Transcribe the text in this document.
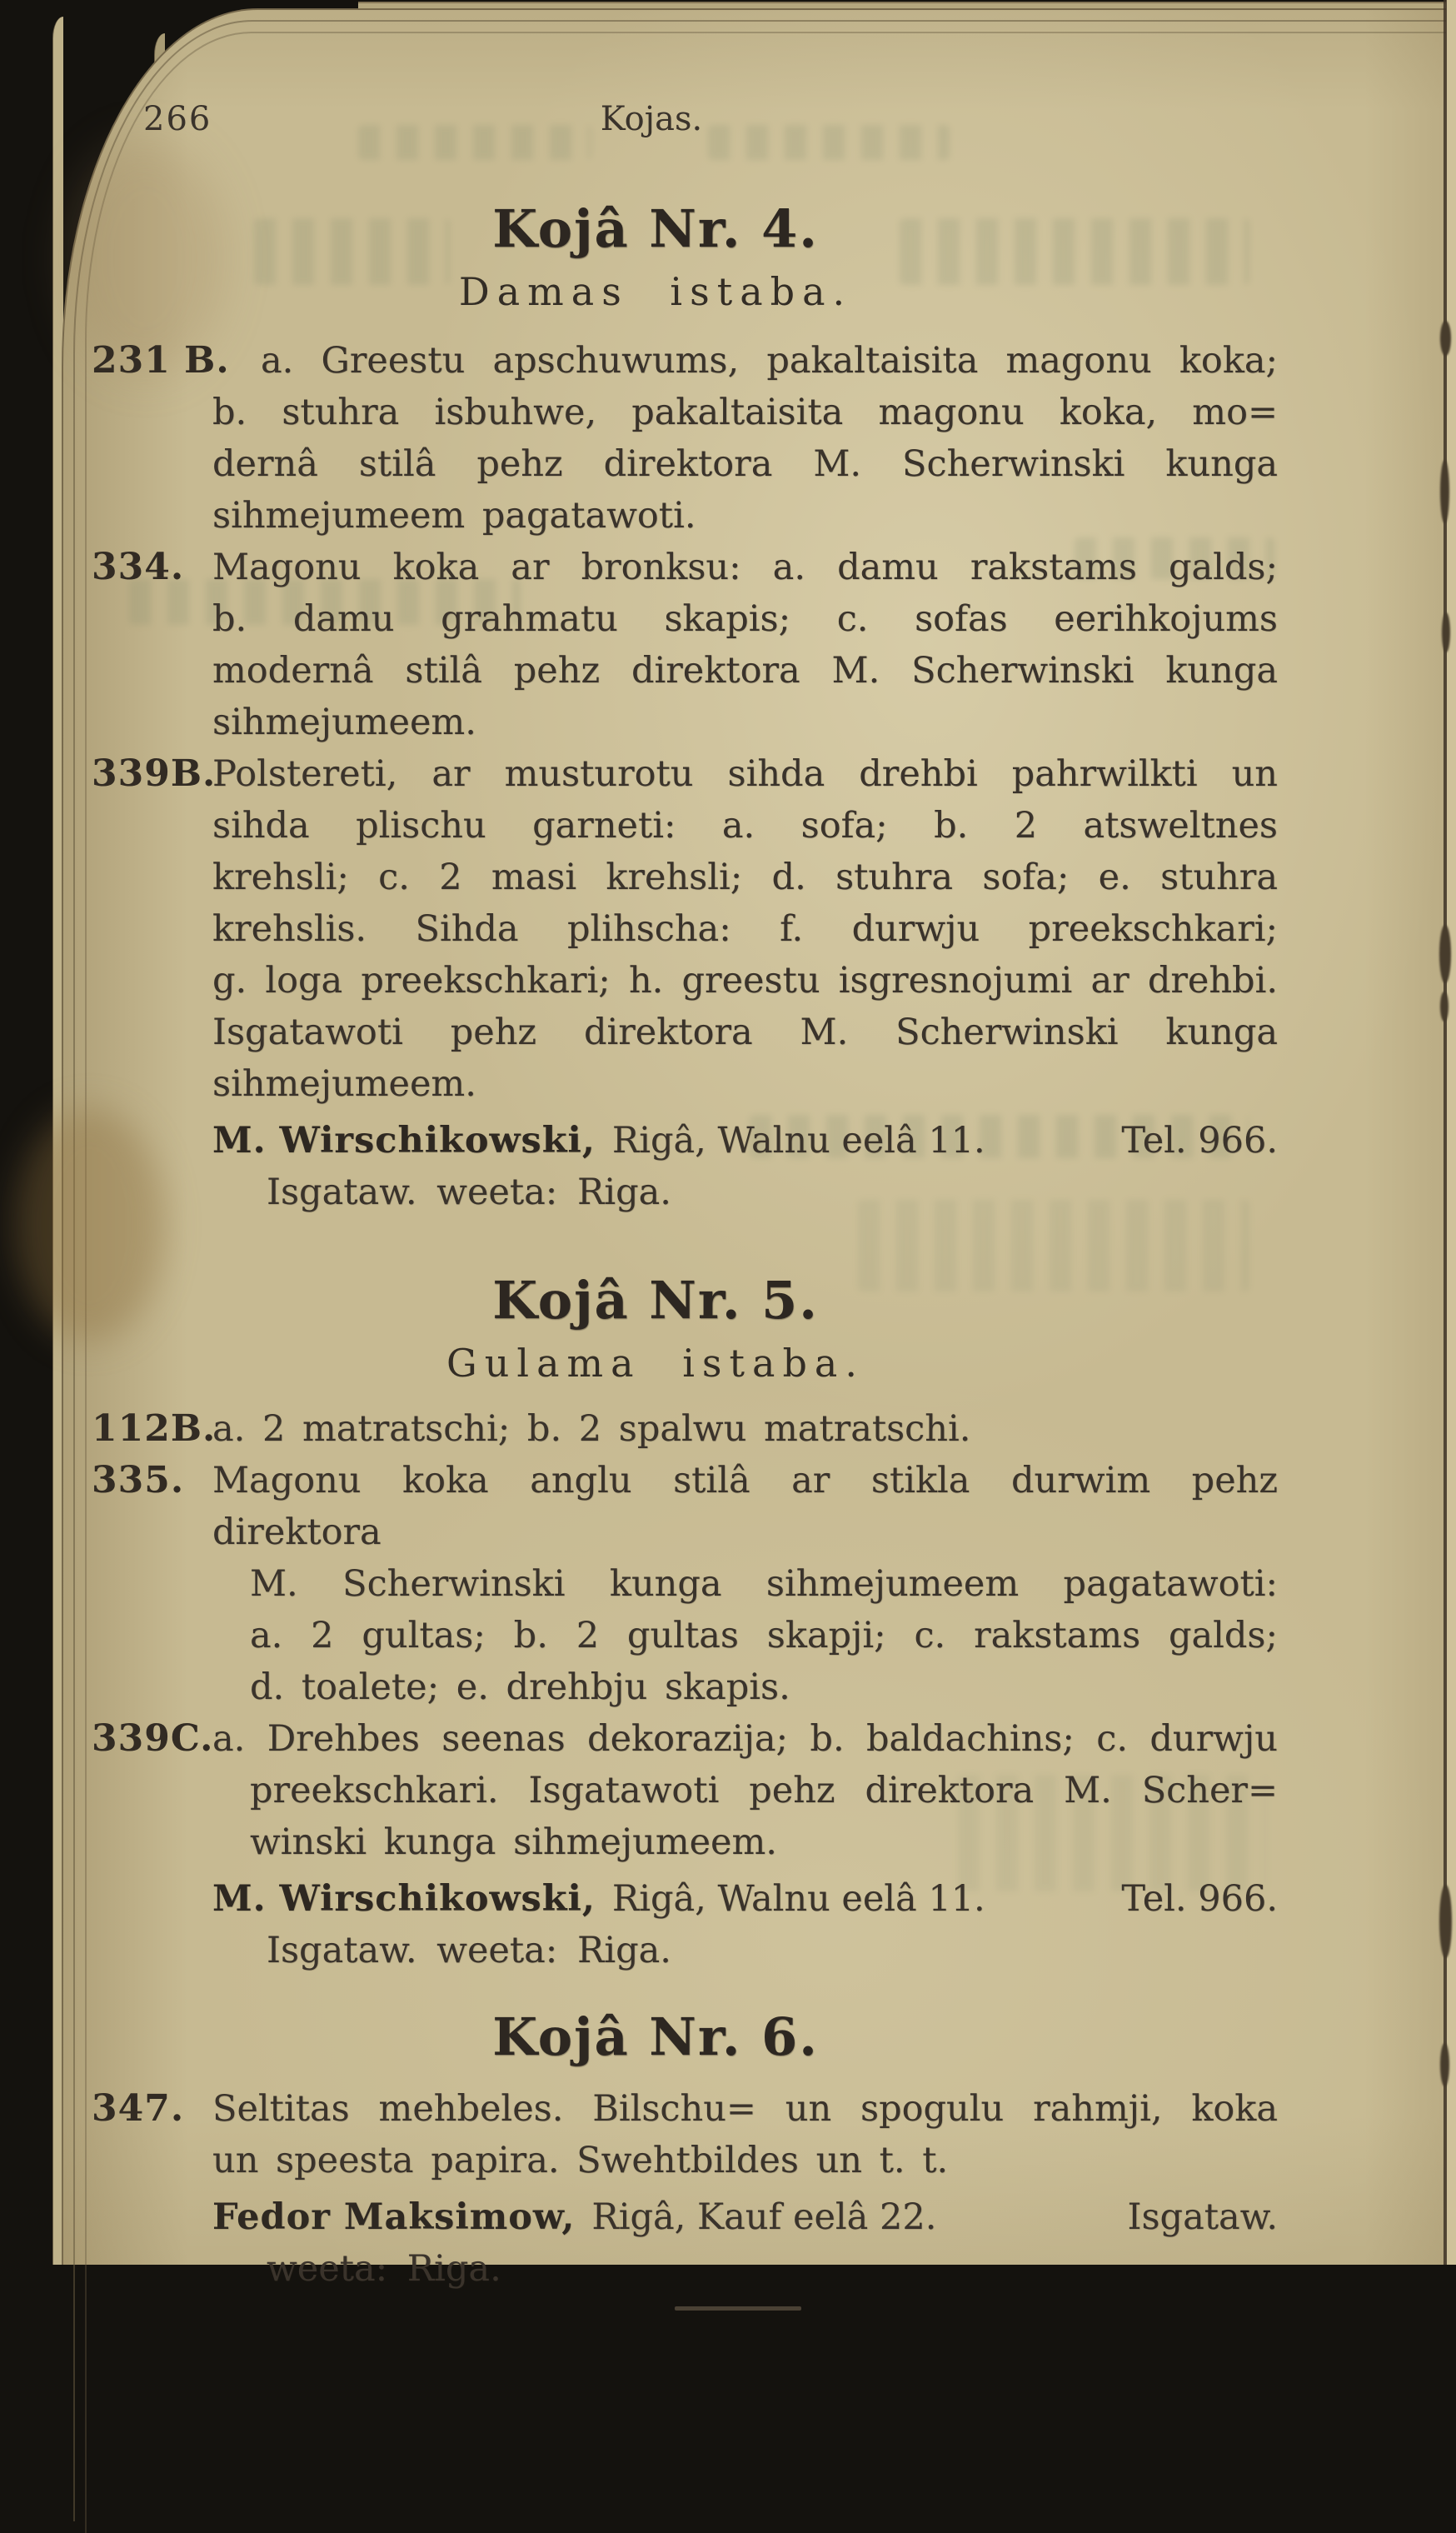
266	Kojas.
Kojâ Nr. 4.
Damas istaba.
231 B. a. Greestu apschuwums, pakaltaisita magonu koka;
b. stuhra isbuhwe, pakaltaisita magonu koka, mo=
dernâ stilâ pehz direktora M. Scherwinski kunga
sihmejumeem pagatawoti.
334. Magonu koka ar bronksu: a. damu rakstams galds;
b. damu grahmatu skapis; c. sofas eerihkojums
modernâ stilâ pehz direktora M. Scherwinski kunga
sihmejumeem.
339B.
Polstereti, ar musturotu sihda drehbi pahrwilkti un
sihda plischu garneti: a. sofa; b. 2 atsweltnes
krehsli; c. 2 masi krehsli; d. stuhra sofa; e. stuhra
krehslis. Sihda plihscha: f. durwju preekschkari;
g. loga preekschkari; h. greestu isgresnojumi ar drehbi.
Isgatawoti pehz direktora M. Scherwinski kunga
sihmejumeem.
M. Wirschikowski, Rigâ, Walnu eelâ 11.	Tel. 966.
Isgataw. weeta: Riga.
Kojâ Nr. 5.
Gulama istaba.
112B.
a. 2 matratschi; b. 2 spalwu matratschi.
335. Magonu koka anglu stilâ ar stikla durwim pehz direktora
M. Scherwinski kunga sihmejumeem pagatawoti:
a. 2 gultas; b. 2 gultas skapji; c. rakstams galds;
d. toalete; e. drehbju skapis.
339C.
a. Drehbes seenas dekorazija; b. baldachins; c. durwju
preekschkari. Isgatawoti pehz direktora M. Scher=
winski kunga sihmejumeem.
M. Wirschikowski, Rigâ, Walnu eelâ 11.	Tel. 966.
Isgataw. weeta: Riga.
Kojâ Nr. 6.
347. Seltitas mehbeles. Bilschu= un spogulu rahmji, koka
un speesta papira. Swehtbildes un t. t.
Fedor Maksimow, Rigâ, Kauf eelâ 22.	Isgataw.
weeta: Riga.
